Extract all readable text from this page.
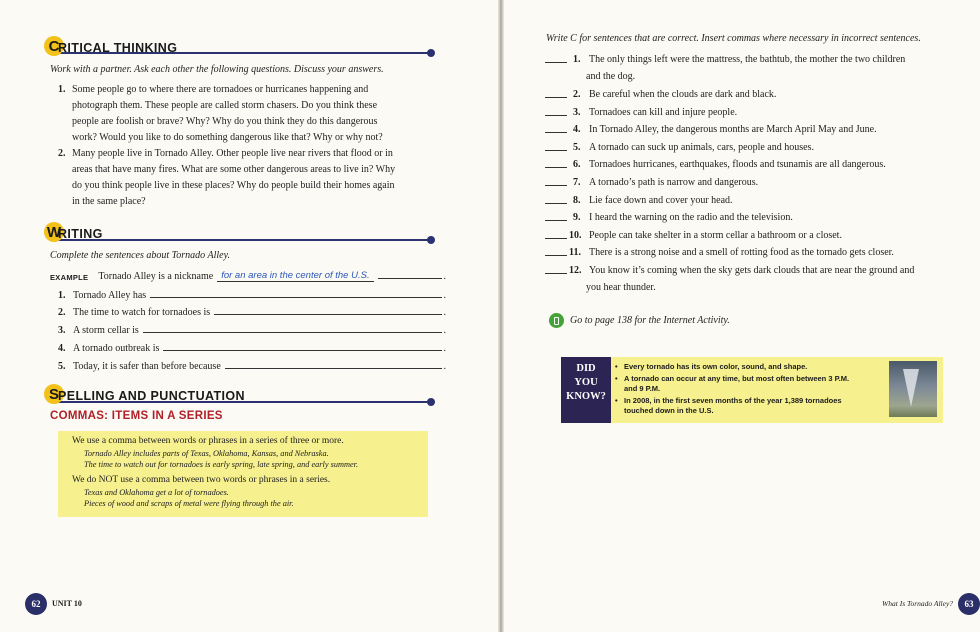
C
RITICAL THINKING
Work with a partner. Ask each other the following questions. Discuss your answers.
1. Some people go to where there are tornadoes or hurricanes happening and
photograph them. These people are called storm chasers. Do you think these
people are foolish or brave? Why? Why do you think they do this dangerous
work? Would you like to do something dangerous like that? Why or why not?
2. Many people live in Tornado Alley. Other people live near rivers that flood or in
areas that have many fires. What are some other dangerous areas to live in? Why
do you think people live in these places? Why do people build their homes again
in the same place?
W
RITING
Complete the sentences about Tornado Alley.
EXAMPLE Tornado Alley is a nickname for an area in the center of the U.S.	.
1. Tornado Alley has	.
2. The time to watch for tornadoes is	.
3. A storm cellar is	.
4. A tornado outbreak is	.
5. Today, it is safer than before because	.
S PELLING AND PUNCTUATION
COMMAS: ITEMS IN A SERIES
We use a comma between words or phrases in a series of three or more.
Tornado Alley includes parts of Texas, Oklahoma, Kansas, and Nebraska.
The time to watch out for tornadoes is early spring, late spring, and early summer.
We do NOT use a comma between two words or phrases in a series.
Texas and Oklahoma get a lot of tornadoes.
Pieces of wood and scraps of metal were flying through the air.
62	UNIT 10
Write C for sentences that are correct. Insert commas where necessary in incorrect sentences.
1. The only things left were the mattress, the bathtub, the mother the two children
and the dog.
2. Be careful when the clouds are dark and black.
3. Tornadoes can kill and injure people.
4. In Tornado Alley, the dangerous months are March April May and June.
5. A tornado can suck up animals, cars, people and houses.
6. Tornadoes hurricanes, earthquakes, floods and tsunamis are all dangerous.
7. A tornado’s path is narrow and dangerous.
8. Lie face down and cover your head.
9. I heard the warning on the radio and the television.
10. People can take shelter in a storm cellar a bathroom or a closet.
11. There is a strong noise and a smell of rotting food as the tornado gets closer.
12. You know it’s coming when the sky gets dark clouds that are near the ground and
you hear thunder.
Go to page 138 for the Internet Activity.
DID
YOU
KNOW?
• Every tornado has its own color, sound, and shape.
• A tornado can occur at any time, but most often between 3 P.M. and 9 P.M.
• In 2008, in the first seven months of the year 1,389 tornadoes touched down in the U.S.
What Is Tornado Alley?	63
